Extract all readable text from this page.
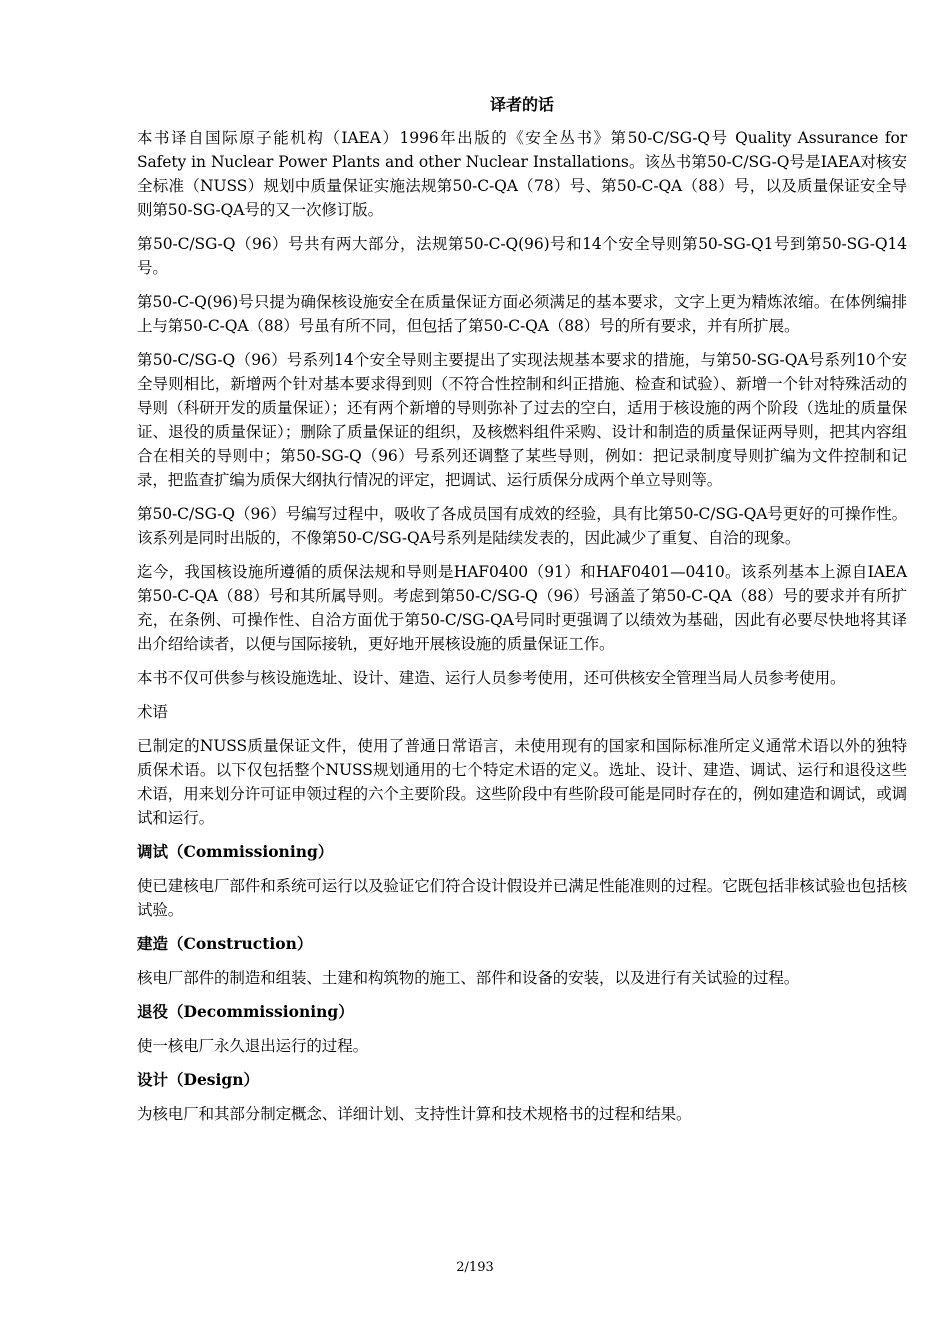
译者的话

本书译自国际原子能机构（IAEA）1996年出版的《安全丛书》第50-C/SG-Q号 Quality Assurance for Safety in Nuclear Power Plants and other Nuclear Installations。该丛书第50-C/SG-Q号是IAEA对核安全标准（NUSS）规划中质量保证实施法规第50-C-QA（78）号、第50-C-QA（88）号，以及质量保证安全导则第50-SG-QA号的又一次修订版。

第50-C/SG-Q（96）号共有两大部分，法规第50-C-Q(96)号和14个安全导则第50-SG-Q1号到第50-SG-Q14号。

第50-C-Q(96)号只提为确保核设施安全在质量保证方面必须满足的基本要求，文字上更为精炼浓缩。在体例编排上与第50-C-QA（88）号虽有所不同，但包括了第50-C-QA（88）号的所有要求，并有所扩展。

第50-C/SG-Q（96）号系列14个安全导则主要提出了实现法规基本要求的措施，与第50-SG-QA号系列10个安全导则相比，新增两个针对基本要求得到则（不符合性控制和纠正措施、检查和试验）、新增一个针对特殊活动的导则（科研开发的质量保证）；还有两个新增的导则弥补了过去的空白，适用于核设施的两个阶段（选址的质量保证、退役的质量保证）；删除了质量保证的组织，及核燃料组件采购、设计和制造的质量保证两导则，把其内容组合在相关的导则中；第50-SG-Q（96）号系列还调整了某些导则，例如：把记录制度导则扩编为文件控制和记录，把监查扩编为质保大纲执行情况的评定，把调试、运行质保分成两个单立导则等。

第50-C/SG-Q（96）号编写过程中，吸收了各成员国有成效的经验，具有比第50-C/SG-QA号更好的可操作性。该系列是同时出版的，不像第50-C/SG-QA号系列是陆续发表的，因此减少了重复、自洽的现象。

迄今，我国核设施所遵循的质保法规和导则是HAF0400（91）和HAF0401—0410。该系列基本上源自IAEA第50-C-QA（88）号和其所属导则。考虑到第50-C/SG-Q（96）号涵盖了第50-C-QA（88）号的要求并有所扩充，在条例、可操作性、自洽方面优于第50-C/SG-QA号同时更强调了以绩效为基础，因此有必要尽快地将其译出介绍给读者，以便与国际接轨，更好地开展核设施的质量保证工作。

本书不仅可供参与核设施选址、设计、建造、运行人员参考使用，还可供核安全管理当局人员参考使用。

术语

已制定的NUSS质量保证文件，使用了普通日常语言，未使用现有的国家和国际标准所定义通常术语以外的独特质保术语。以下仅包括整个NUSS规划通用的七个特定术语的定义。选址、设计、建造、调试、运行和退役这些术语，用来划分许可证申领过程的六个主要阶段。这些阶段中有些阶段可能是同时存在的，例如建造和调试，或调试和运行。

调试（Commissioning）

使已建核电厂部件和系统可运行以及验证它们符合设计假设并已满足性能准则的过程。它既包括非核试验也包括核试验。

建造（Construction）

核电厂部件的制造和组装、土建和构筑物的施工、部件和设备的安装，以及进行有关试验的过程。

退役（Decommissioning）

使一核电厂永久退出运行的过程。

设计（Design）

为核电厂和其部分制定概念、详细计划、支持性计算和技术规格书的过程和结果。

2/193
